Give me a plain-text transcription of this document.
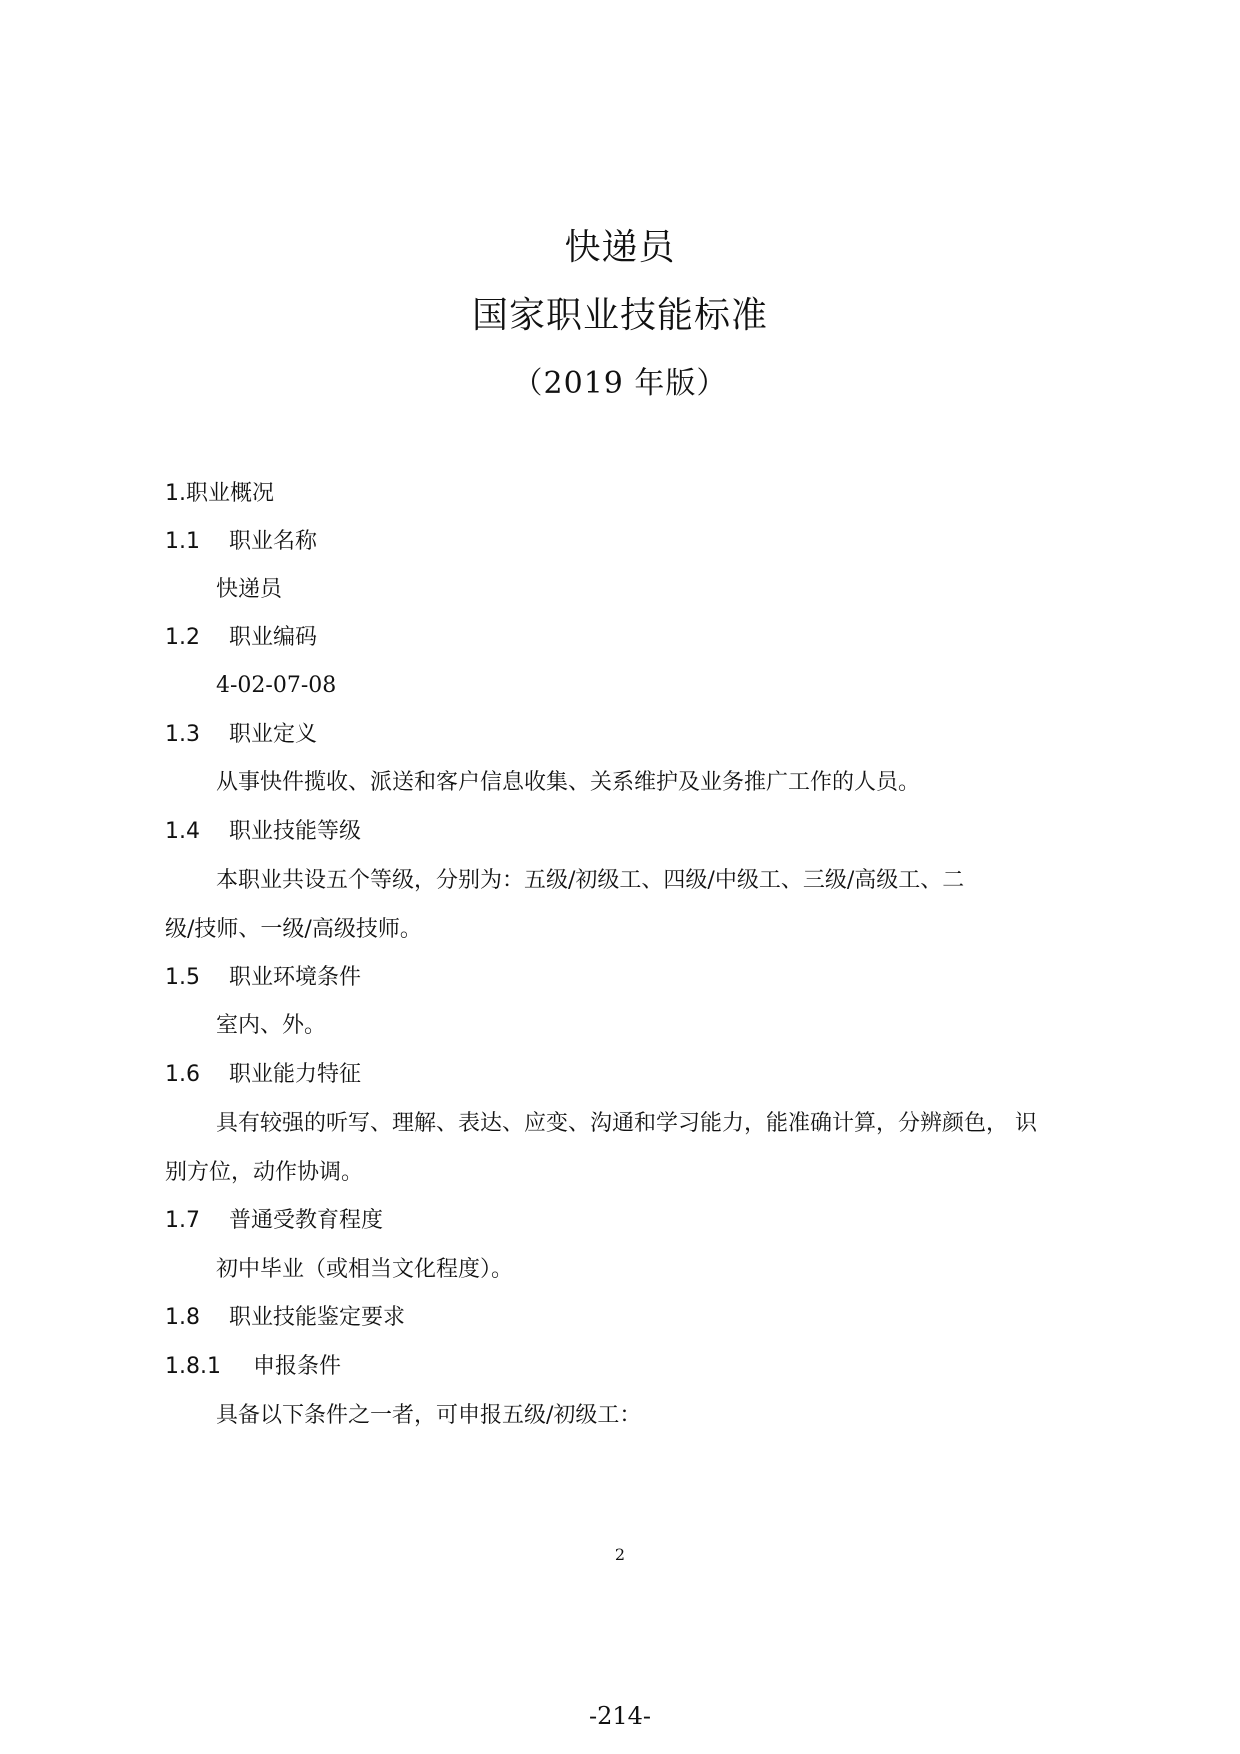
快递员
国家职业技能标准
（2019 年版）
1.职业概况
1.1 职业名称
快递员
1.2 职业编码
4-02-07-08
1.3 职业定义
从事快件揽收、派送和客户信息收集、关系维护及业务推广工作的人员。
1.4 职业技能等级
本职业共设五个等级，分别为：五级/初级工、四级/中级工、三级/高级工、二
级/技师、一级/高级技师。
1.5 职业环境条件
室内、外。
1.6 职业能力特征
具有较强的听写、理解、表达、应变、沟通和学习能力，能准确计算，分辨颜色， 识
别方位，动作协调。
1.7 普通受教育程度
初中毕业（或相当文化程度）。
1.8 职业技能鉴定要求
1.8.1 申报条件
具备以下条件之一者，可申报五级/初级工：
2
-214-
